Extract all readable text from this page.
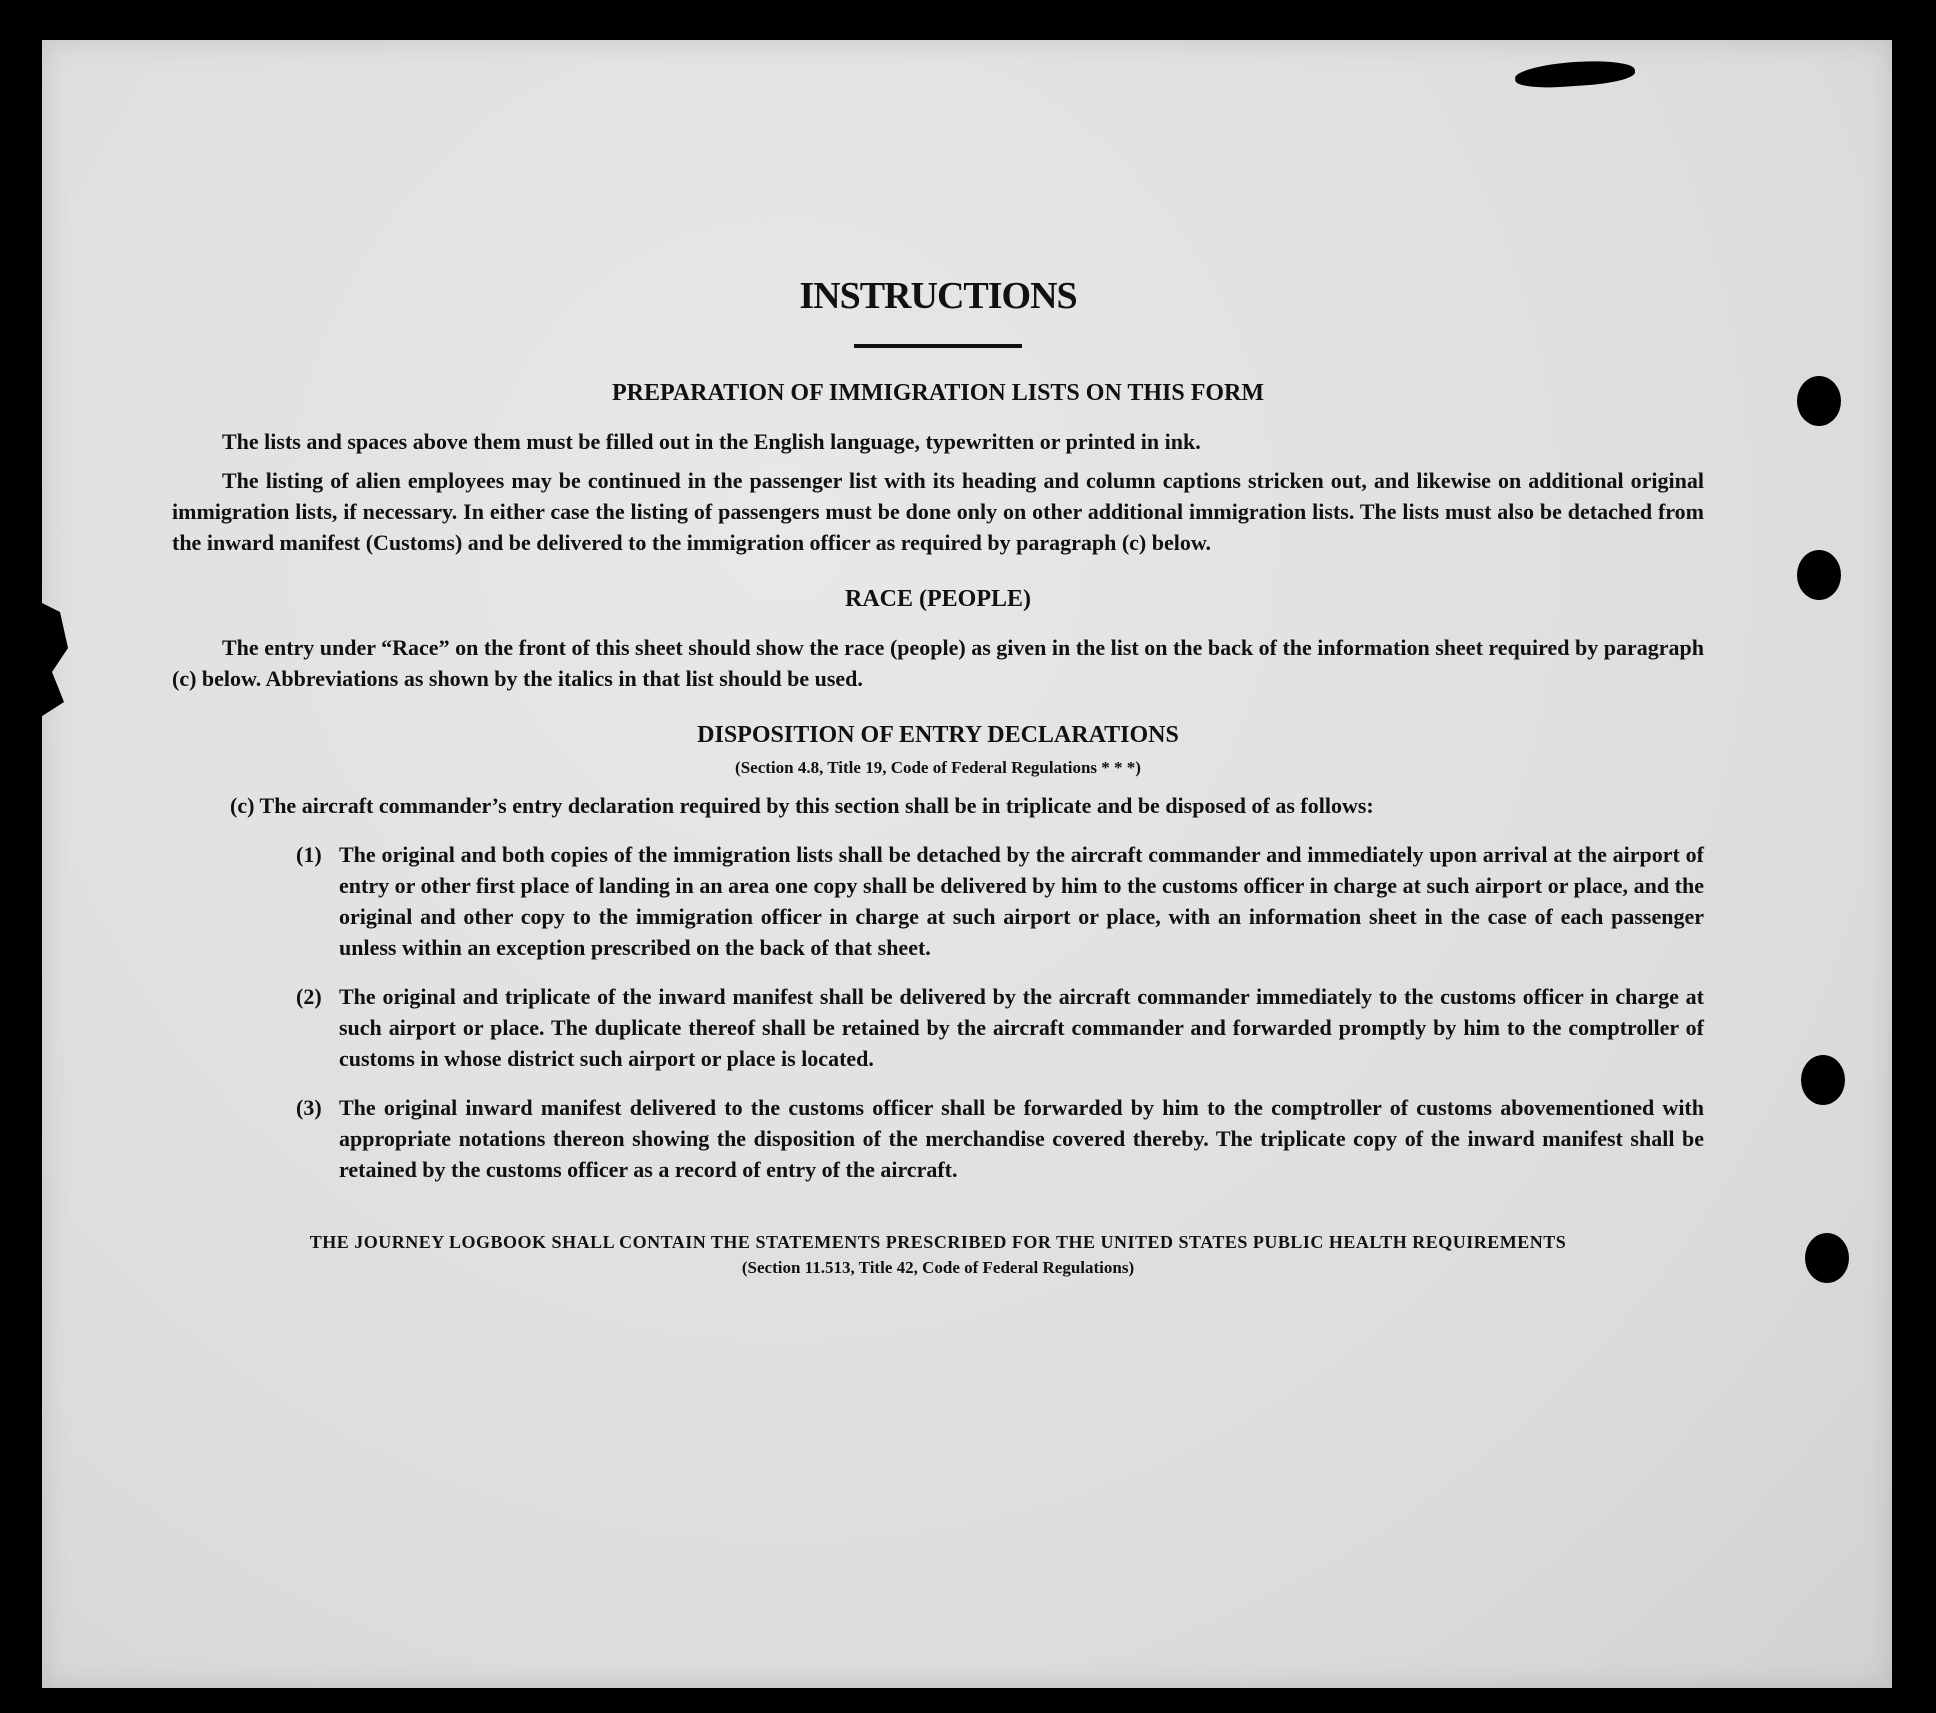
INSTRUCTIONS
PREPARATION OF IMMIGRATION LISTS ON THIS FORM

The lists and spaces above them must be filled out in the English language, typewritten or printed in ink.

The listing of alien employees may be continued in the passenger list with its heading and column captions stricken out, and likewise on additional original immigration lists, if necessary. In either case the listing of passengers must be done only on other additional immigration lists. The lists must also be detached from the inward manifest (Customs) and be delivered to the immigration officer as required by paragraph (c) below.

RACE (PEOPLE)

The entry under “Race” on the front of this sheet should show the race (people) as given in the list on the back of the information sheet required by paragraph (c) below. Abbreviations as shown by the italics in that list should be used.

DISPOSITION OF ENTRY DECLARATIONS

(Section 4.8, Title 19, Code of Federal Regulations * * *)

(c) The aircraft commander’s entry declaration required by this section shall be in triplicate and be disposed of as follows:

(1) The original and both copies of the immigration lists shall be detached by the aircraft commander and immediately upon arrival at the airport of entry or other first place of landing in an area one copy shall be delivered by him to the customs officer in charge at such airport or place, and the original and other copy to the immigration officer in charge at such airport or place, with an information sheet in the case of each passenger unless within an exception prescribed on the back of that sheet.
(2) The original and triplicate of the inward manifest shall be delivered by the aircraft commander immediately to the customs officer in charge at such airport or place. The duplicate thereof shall be retained by the aircraft commander and forwarded promptly by him to the comptroller of customs in whose district such airport or place is located.
(3) The original inward manifest delivered to the customs officer shall be forwarded by him to the comptroller of customs abovementioned with appropriate notations thereon showing the disposition of the merchandise covered thereby. The triplicate copy of the inward manifest shall be retained by the customs officer as a record of entry of the aircraft.

THE JOURNEY LOGBOOK SHALL CONTAIN THE STATEMENTS PRESCRIBED FOR THE UNITED STATES PUBLIC HEALTH REQUIREMENTS

(Section 11.513, Title 42, Code of Federal Regulations)
